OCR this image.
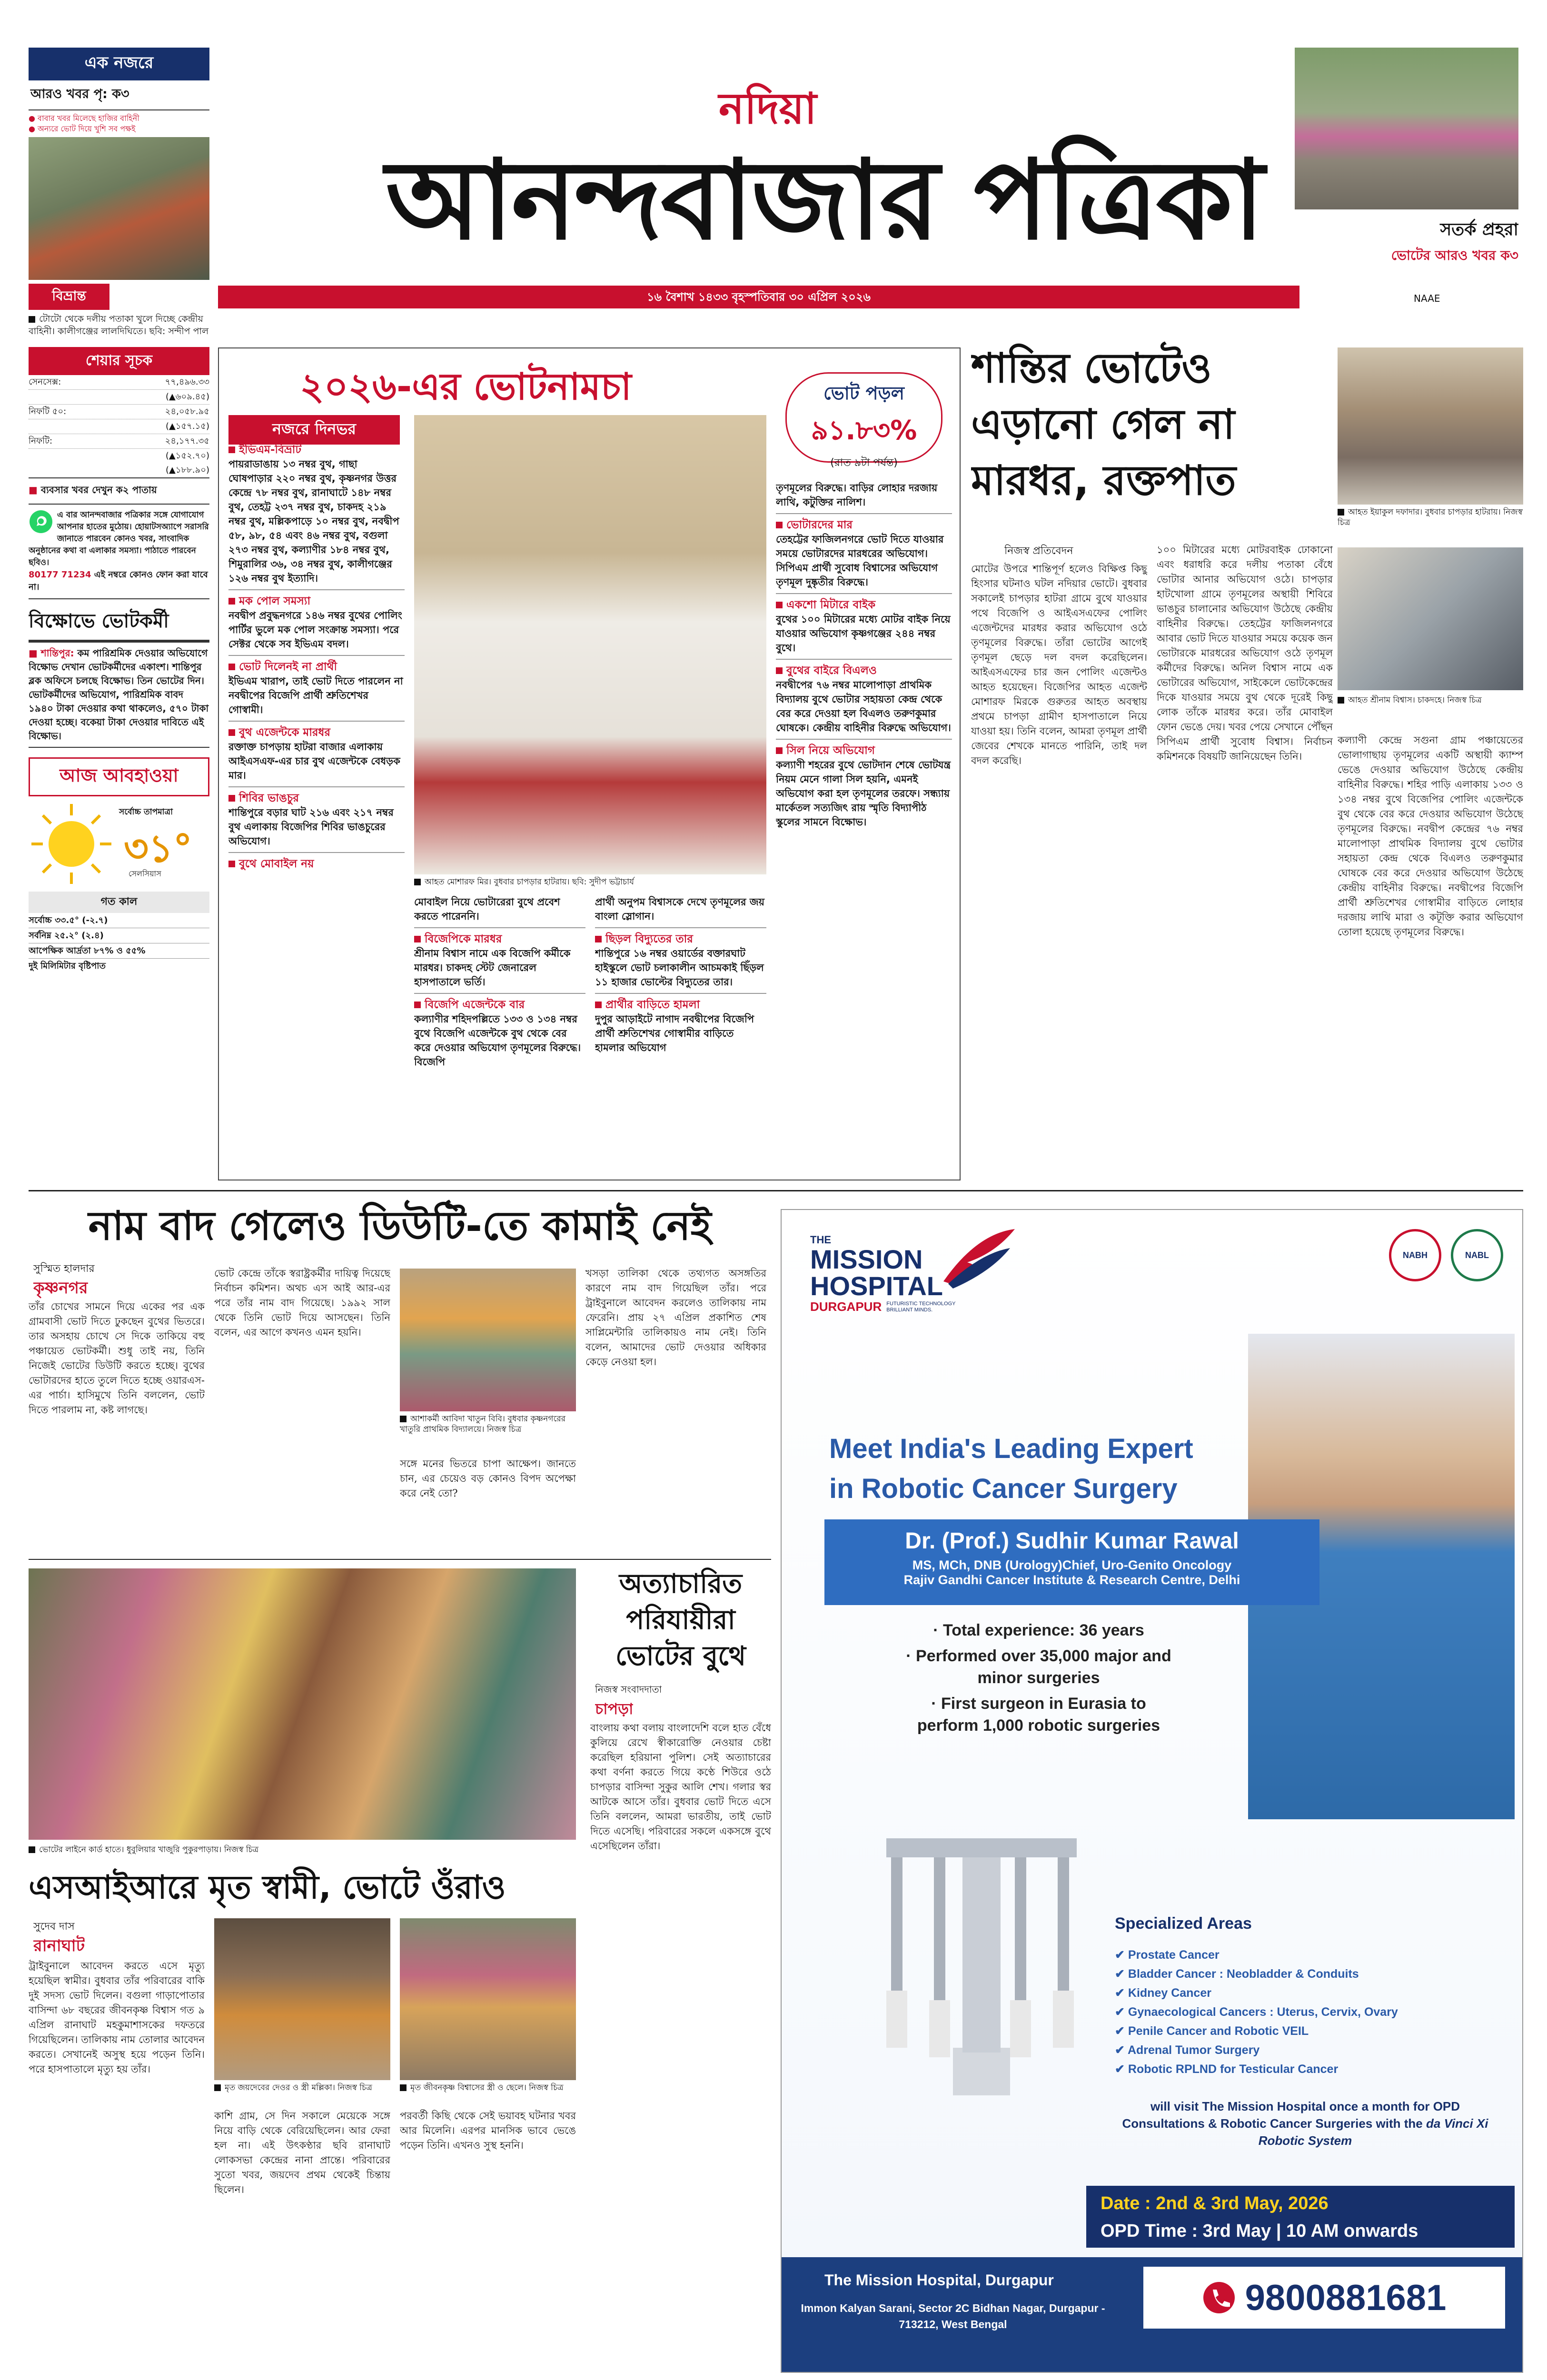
নদিয়া
আনন্দবাজার পত্রিকা
১৬ বৈশাখ ১৪৩৩ বৃহস্পতিবার ৩০ এপ্রিল ২০২৬	NAAE
এক নজরে
আরও খবর পৃ: ক৩
● বাবার খবর মিলেছে হাজির বাহিনী
● অন্যরে ভোট দিয়ে খুশি সব পক্ষই
বিভ্রান্ত
টোটো থেকে দলীয় পতাকা খুলে দিচ্ছে কেন্দ্রীয় বাহিনী। কালীগঞ্জের লালদিঘিতে। ছবি: সন্দীপ পাল
শেয়ার সূচক
সেনসেক্স:	৭৭,৪৯৬.৩৩
(▲৬০৯.৪৫)
নিফটি ৫০:	২৪,০৫৮.৯৫
(▲১৫৭.১৫)
নিফটি:	২৪,১৭৭.৩৫
(▲১৫২.৭০)
(▲১৮৮.৯০)
■ ব্যবসার খবর দেখুন ক২ পাতায়
এ বার আনন্দবাজার পত্রিকার সঙ্গে যোগাযোগ আপনার হাতের মুঠোয়। হোয়াটসঅ্যাপে সরাসরি জানাতে পারবেন কোনও খবর, সাংবাদিক অনুষ্ঠানের কথা বা এলাকার সমস্যা। পাঠাতে পারবেন ছবিও।
80177 71234 এই নম্বরে কোনও ফোন করা যাবে না।
বিক্ষোভে ভোটকর্মী
■ শান্তিপুর: কম পারিশ্রমিক দেওয়ার অভিযোগে বিক্ষোভ দেখান ভোটকর্মীদের একাংশ। শান্তিপুর ব্লক অফিসে চলছে বিক্ষোভ। তিন ভোটের দিন। ভোটকর্মীদের অভিযোগ, পারিশ্রমিক বাবদ ১৯৪০ টাকা দেওয়ার কথা থাকলেও, ৫৭০ টাকা দেওয়া হচ্ছে। বকেয়া টাকা দেওয়ার দাবিতে এই বিক্ষোভ।
আজ আবহাওয়া
সর্বোচ্চ তাপমাত্রা
৩১°
সেলসিয়াস
গত কাল
সর্বোচ্চ ৩৩.৫° (-২.৭)
সর্বনিম্ন ২৫.২° (২.৪)
আপেক্ষিক আর্দ্রতা ৮৭% ও ৫৫%
দুই মিলিমিটার বৃষ্টিপাত
সতর্ক প্রহরা
ভোটের আরও খবর ক৩
২০২৬-এর ভোটনামচা	ভোট পড়ল
৯১.৮৩%
(রাত ৯টা পর্যন্ত)
নজরে দিনভর
ইভিএম-বিভ্রাট

পায়রাডাঙায় ১৩ নম্বর বুথ, গাছা ঘোষপাড়ার ২২০ নম্বর বুথ, কৃষ্ণনগর উত্তর কেন্দ্রে ৭৮ নম্বর বুথ, রানাঘাটে ১৪৮ নম্বর বুথ, তেহট্ট ২৩৭ নম্বর বুথ, চাকদহ ২১৯ নম্বর বুথ, মল্লিকপাড়ে ১০ নম্বর বুথ, নবদ্বীপ ৫৮, ৯৮, ৫৪ এবং ৪৬ নম্বর বুথ, বগুলা ২৭৩ নম্বর বুথ, কল্যাণীর ১৮৪ নম্বর বুথ, শিমুরালির ৩৬, ৩৪ নম্বর বুথ, কালীগঞ্জের ১২৬ নম্বর বুথ ইত্যাদি।

মক পোল সমস্যা

নবদ্বীপ প্রবুদ্ধনগরে ১৪৬ নম্বর বুথের পোলিং পার্টির ভুলে মক পোল সংক্রান্ত সমস্যা। পরে সেক্টর থেকে সব ইভিএম বদল।

ভোট দিলেনই না প্রার্থী

ইভিএম খারাপ, তাই ভোট দিতে পারলেন না নবদ্বীপের বিজেপি প্রার্থী শ্রুতিশেখর গোস্বামী।

বুথ এজেন্টকে মারধর

রক্তাক্ত চাপড়ায় হাটরা বাজার এলাকায় আইএসএফ-এর চার বুথ এজেন্টকে বেধড়ক মার।

শিবির ভাঙচুর

শান্তিপুরে বড়ার ঘাট ২১৬ এবং ২১৭ নম্বর বুথ এলাকায় বিজেপির শিবির ভাঙচুরের অভিযোগ।

বুথে মোবাইল নয়
আহত মোশারফ মির। বুধবার চাপড়ার হাটরায়। ছবি: সুদীপ ভট্টাচার্য

মোবাইল নিয়ে ভোটারেরা বুথে প্রবেশ করতে পারেননি।

বিজেপিকে মারধর

শ্রীনাম বিশ্বাস নামে এক বিজেপি কর্মীকে মারধর। চাকদহ স্টেট জেনারেল হাসপাতালে ভর্তি।

বিজেপি এজেন্টকে বার

কল্যাণীর শহিদপল্লিতে ১৩৩ ও ১৩৪ নম্বর বুথে বিজেপি এজেন্টকে বুথ থেকে বের করে দেওয়ার অভিযোগ তৃণমূলের বিরুদ্ধে। বিজেপি

প্রার্থী অনুপম বিশ্বাসকে দেখে তৃণমূলের জয় বাংলা স্লোগান।

ছিড়ল বিদ্যুতের তার

শান্তিপুরে ১৬ নম্বর ওয়ার্ডের বক্তারঘাট হাইস্কুলে ভোট চলাকালীন আচমকাই ছিঁড়ল ১১ হাজার ভোল্টের বিদ্যুতের তার।

প্রার্থীর বাড়িতে হামলা

দুপুর আড়াইটে নাগাদ নবদ্বীপের বিজেপি প্রার্থী শ্রুতিশেখর গোস্বামীর বাড়িতে হামলার অভিযোগ

তৃণমূলের বিরুদ্ধে। বাড়ির লোহার দরজায় লাথি, কটুক্তির নালিশ।

ভোটারদের মার

তেহট্টের ফাজিলনগরে ভোট দিতে যাওয়ার সময়ে ভোটারদের মারধরের অভিযোগ। সিপিএম প্রার্থী সুবোধ বিশ্বাসের অভিযোগ তৃণমূল দুষ্কৃতীর বিরুদ্ধে।

একশো মিটারে বাইক

বুথের ১০০ মিটারের মধ্যে মোটর বাইক নিয়ে যাওয়ার অভিযোগ কৃষ্ণগঞ্জের ২৪৪ নম্বর বুথে।

বুথের বাইরে বিএলও

নবদ্বীপের ৭৬ নম্বর মালোপাড়া প্রাথমিক বিদ্যালয় বুথে ভোটার সহায়তা কেন্দ্র থেকে বের করে দেওয়া হল বিএলও তরুণকুমার ঘোষকে। কেন্দ্রীয় বাহিনীর বিরুদ্ধে অভিযোগ।

সিল নিয়ে অভিযোগ

কল্যাণী শহরের বুথে ভোটদান শেষে ভোটযন্ত্র নিয়ম মেনে গালা সিল হয়নি, এমনই অভিযোগ করা হল তৃণমূলের তরফে। সন্ধ্যায় মার্কেতল সত্যজিৎ রায় স্মৃতি বিদ্যাপীঠ স্কুলের সামনে বিক্ষোভ।

শান্তির ভোটেও এড়ানো গেল না মারধর, রক্তপাত
নিজস্ব প্রতিবেদন
মোটের উপরে শান্তিপূর্ণ হলেও বিক্ষিপ্ত কিছু হিংসার ঘটনাও ঘটল নদিয়ার ভোটে। বুধবার সকালেই চাপড়ার হাটরা গ্রামে বুথে যাওয়ার পথে বিজেপি ও আইএসএফের পোলিং এজেন্টদের মারধর করার অভিযোগ ওঠে তৃণমূলের বিরুদ্ধে। তাঁরা ভোটের আগেই তৃণমূল ছেড়ে দল বদল করেছিলেন। আইএসএফের চার জন পোলিং এজেন্টও আহত হয়েছেন। বিজেপির আহত এজেন্ট মোশারফ মিরকে গুরুতর আহত অবস্থায় প্রথমে চাপড়া গ্রামীণ হাসপাতালে নিয়ে যাওয়া হয়। তিনি বলেন, আমরা তৃণমূল প্রার্থী জেবের শেখকে মানতে পারিনি, তাই দল বদল করেছি।
১০০ মিটারের মধ্যে মোটরবাইক ঢোকানো এবং ধরাধরি করে দলীয় পতাকা বেঁধে ভোটার আনার অভিযোগ ওঠে। চাপড়ার হাটখোলা গ্রামে তৃণমূলের অস্থায়ী শিবিরে ভাঙচুর চালানোর অভিযোগ উঠেছে কেন্দ্রীয় বাহিনীর বিরুদ্ধে। তেহট্টের ফাজিলনগরে আবার ভোট দিতে যাওয়ার সময়ে কয়েক জন ভোটারকে মারধরের অভিযোগ ওঠে তৃণমূল কর্মীদের বিরুদ্ধে। অনিল বিশ্বাস নামে এক ভোটারের অভিযোগ, সাইকেলে ভোটকেন্দ্রের দিকে যাওয়ার সময়ে বুথ থেকে দূরেই কিছু লোক তাঁকে মারধর করে। তাঁর মোবাইল ফোন ভেঙে দেয়। খবর পেয়ে সেখানে পৌঁছন সিপিএম প্রার্থী সুবোধ বিশ্বাস। নির্বাচন কমিশনকে বিষয়টি জানিয়েছেন তিনি।
আহত ইয়াকুল দফাদার। বুধবার চাপড়ার হাটরায়। নিজস্ব চিত্র
আহত শ্রীনাম বিশ্বাস। চাকদহে। নিজস্ব চিত্র
কল্যাণী কেন্দ্রে সগুনা গ্রাম পঞ্চায়েতের ভোলাগাছায় তৃণমূলের একটি অস্থায়ী ক্যাম্প ভেঙে দেওয়ার অভিযোগ উঠেছে কেন্দ্রীয় বাহিনীর বিরুদ্ধে। শহির পাড়ি এলাকায় ১৩৩ ও ১৩৪ নম্বর বুথে বিজেপির পোলিং এজেন্টকে বুথ থেকে বের করে দেওয়ার অভিযোগ উঠেছে তৃণমূলের বিরুদ্ধে। নবদ্বীপ কেন্দ্রের ৭৬ নম্বর মালোপাড়া প্রাথমিক বিদ্যালয় বুথে ভোটার সহায়তা কেন্দ্র থেকে বিএলও তরুণকুমার ঘোষকে বের করে দেওয়ার অভিযোগ উঠেছে কেন্দ্রীয় বাহিনীর বিরুদ্ধে। নবদ্বীপের বিজেপি প্রার্থী শ্রুতিশেখর গোস্বামীর বাড়িতে লোহার দরজায় লাথি মারা ও কটূক্তি করার অভিযোগ তোলা হয়েছে তৃণমূলের বিরুদ্ধে।
নাম বাদ গেলেও ডিউটি-তে কামাই নেই
সুস্মিত হালদার
কৃষ্ণনগর
তাঁর চোখের সামনে দিয়ে একের পর এক গ্রামবাসী ভোট দিতে ঢুকছেন বুথের ভিতরে। তার অসহায় চোখে সে দিকে তাকিয়ে বহু পঞ্চায়েত ভোটকর্মী। শুধু তাই নয়, তিনি নিজেই ভোটের ডিউটি করতে হচ্ছে। বুথের ভোটারদের হাতে তুলে দিতে হচ্ছে ওয়ারএস-এর পার্চা। হাসিমুখে তিনি বললেন, ভোট দিতে পারলাম না, কষ্ট লাগছে।
ভোট কেন্দ্রে তাঁকে স্বরাষ্ট্রকর্মীর দায়িত্ব দিয়েছে নির্বাচন কমিশন। অথচ এস আই আর-এর পরে তাঁর নাম বাদ গিয়েছে। ১৯৯২ সাল থেকে তিনি ভোট দিয়ে আসছেন। তিনি বলেন, এর আগে কখনও এমন হয়নি।
আশাকর্মী আবিদা খাতুন বিবি। বুধবার কৃষ্ণনগরের খাতুরি প্রাথমিক বিদ্যালয়ে। নিজস্ব চিত্র
সঙ্গে মনের ভিতরে চাপা আক্ষেপ। জানতে চান, এর চেয়েও বড় কোনও বিপদ অপেক্ষা করে নেই তো?
খসড়া তালিকা থেকে তথ্যগত অসঙ্গতির কারণে নাম বাদ গিয়েছিল তাঁর। পরে ট্রাইবুনালে আবেদন করলেও তালিকায় নাম ফেরেনি। প্রায় ২৭ এপ্রিল প্রকাশিত শেষ সাপ্লিমেন্টারি তালিকায়ও নাম নেই। তিনি বলেন, আমাদের ভোট দেওয়ার অধিকার কেড়ে নেওয়া হল।
ভোটের লাইনে কার্ড হাতে। ধুবুলিয়ার খাজুরি পুকুরপাড়ায়। নিজস্ব চিত্র
অত্যাচারিত পরিযায়ীরা ভোটের বুথে
নিজস্ব সংবাদদাতা
চাপড়া
বাংলায় কথা বলায় বাংলাদেশি বলে হাত বেঁধে কুলিয়ে রেখে স্বীকারোক্তি নেওয়ার চেষ্টা করেছিল হরিয়ানা পুলিশ। সেই অত্যাচারের কথা বর্ণনা করতে গিয়ে কণ্ঠে শিউরে ওঠে চাপড়ার বাসিন্দা সুকুর আলি শেখ। গলার স্বর আটকে আসে তাঁর। বুধবার ভোট দিতে এসে তিনি বললেন, আমরা ভারতীয়, তাই ভোট দিতে এসেছি। পরিবারের সকলে একসঙ্গে বুথে এসেছিলেন তাঁরা।
এসআইআরে মৃত স্বামী, ভোটে ওঁরাও
সুদেব দাস
রানাঘাট
ট্রাইবুনালে আবেদন করতে এসে মৃত্যু হয়েছিল স্বামীর। বুধবার তাঁর পরিবারের বাকি দুই সদস্য ভোট দিলেন। বগুলা গাড়াপোতার বাসিন্দা ৬৮ বছরের জীবনকৃষ্ণ বিশ্বাস গত ৯ এপ্রিল রানাঘাট মহকুমাশাসকের দফতরে গিয়েছিলেন। তালিকায় নাম তোলার আবেদন করতে। সেখানেই অসুস্থ হয়ে পড়েন তিনি। পরে হাসপাতালে মৃত্যু হয় তাঁর।
মৃত জয়দেবের দেওর ও স্ত্রী মল্লিকা। নিজস্ব চিত্র	মৃত জীবনকৃষ্ণ বিশ্বাসের স্ত্রী ও ছেলে। নিজস্ব চিত্র
কাশি গ্রাম, সে দিন সকালে মেয়েকে সঙ্গে নিয়ে বাড়ি থেকে বেরিয়েছিলেন। আর ফেরা হল না। এই উৎকণ্ঠার ছবি রানাঘাট লোকসভা কেন্দ্রের নানা প্রান্তে। পরিবারের সুতো খবর, জয়দেব প্রথম থেকেই চিন্তায় ছিলেন।
পরবর্তী কিছি থেকে সেই ভয়াবহ ঘটনার খবর আর মিলেনি। এরপর মানসিক ভাবে ভেঙে পড়েন তিনি। এখনও সুস্থ হননি।
THE
MISSION
HOSPITAL
DURGAPUR FUTURISTIC TECHNOLOGY BRILLIANT MINDS.
NABH	NABL
Meet India's Leading Expert
in Robotic Cancer Surgery
Dr. (Prof.) Sudhir Kumar Rawal
MS, MCh, DNB (Urology)Chief, Uro-Genito Oncology
Rajiv Gandhi Cancer Institute & Research Centre, Delhi
· Total experience: 36 years
· Performed over 35,000 major and minor surgeries
· First surgeon in Eurasia to perform 1,000 robotic surgeries
Specialized Areas
✔ Prostate Cancer
✔ Bladder Cancer : Neobladder & Conduits
✔ Kidney Cancer
✔ Gynaecological Cancers : Uterus, Cervix, Ovary
✔ Penile Cancer and Robotic VEIL
✔ Adrenal Tumor Surgery
✔ Robotic RPLND for Testicular Cancer
will visit The Mission Hospital once a month for OPD Consultations & Robotic Cancer Surgeries with the da Vinci Xi Robotic System
Date : 2nd & 3rd May, 2026
OPD Time : 3rd May | 10 AM onwards
The Mission Hospital, Durgapur
Immon Kalyan Sarani, Sector 2C Bidhan Nagar, Durgapur - 713212, West Bengal
9800881681
